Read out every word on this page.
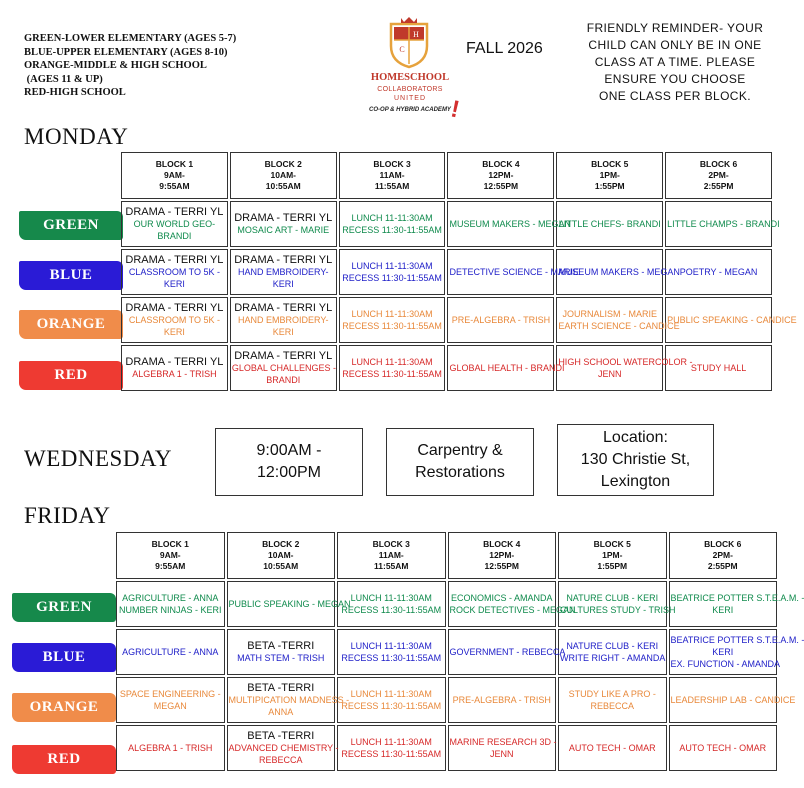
GREEN-LOWER ELEMENTARY (AGES 5-7)
BLUE-UPPER ELEMENTARY (AGES 8-10)
ORANGE-MIDDLE & HIGH SCHOOL
(AGES 11 & UP)
RED-HIGH SCHOOL
C
H
HOMESCHOOL
COLLABORATORS
UNITED
CO-OP & HYBRID ACADEMY
!
FALL 2026
FRIENDLY REMINDER- YOUR
CHILD CAN ONLY BE IN ONE
CLASS AT A TIME. PLEASE
ENSURE YOU CHOOSE
ONE CLASS PER BLOCK.
MONDAY
GREEN
BLUE
ORANGE
RED
BLOCK 1
9AM-
9:55AM	BLOCK 2
10AM-
10:55AM	BLOCK 3
11AM-
11:55AM	BLOCK 4
12PM-
12:55PM	BLOCK 5
1PM-
1:55PM	BLOCK 6
2PM-
2:55PM

DRAMA - TERRI YL
OUR WORLD GEO-
BRANDI	DRAMA - TERRI YL
MOSAIC ART - MARIE	LUNCH 11-11:30AM
RECESS 11:30-11:55AM	MUSEUM MAKERS - MEGAN	LITTLE CHEFS- BRANDI	LITTLE CHAMPS - BRANDI

DRAMA - TERRI YL
CLASSROOM TO 5K -
KERI	DRAMA - TERRI YL
HAND EMBROIDERY-
KERI	LUNCH 11-11:30AM
RECESS 11:30-11:55AM	DETECTIVE SCIENCE - MARIE	MUSEUM MAKERS - MEGAN	POETRY - MEGAN

DRAMA - TERRI YL
CLASSROOM TO 5K -
KERI	DRAMA - TERRI YL
HAND EMBROIDERY-
KERI	LUNCH 11-11:30AM
RECESS 11:30-11:55AM	PRE-ALGEBRA - TRISH	JOURNALISM - MARIE
EARTH SCIENCE - CANDICE	PUBLIC SPEAKING - CANDICE

DRAMA - TERRI YL
ALGEBRA 1 - TRISH	DRAMA - TERRI YL
GLOBAL CHALLENGES -
BRANDI	LUNCH 11-11:30AM
RECESS 11:30-11:55AM	GLOBAL HEALTH - BRANDI	HIGH SCHOOL WATERCOLOR -
JENN	STUDY HALL
WEDNESDAY	9:00AM -
12:00PM
Carpentry &
Restorations
Location:
130 Christie St,
Lexington
FRIDAY
GREEN
BLUE
ORANGE
RED
BLOCK 1
9AM-
9:55AM	BLOCK 2
10AM-
10:55AM	BLOCK 3
11AM-
11:55AM	BLOCK 4
12PM-
12:55PM	BLOCK 5
1PM-
1:55PM	BLOCK 6
2PM-
2:55PM

AGRICULTURE - ANNA
NUMBER NINJAS - KERI	PUBLIC SPEAKING - MEGAN	LUNCH 11-11:30AM
RECESS 11:30-11:55AM	ECONOMICS - AMANDA
ROCK DETECTIVES - MEGAN	NATURE CLUB - KERI
CULTURES STUDY - TRISH	BEATRICE POTTER S.T.E.A.M. -
KERI

AGRICULTURE - ANNA	BETA -TERRI
MATH STEM - TRISH	LUNCH 11-11:30AM
RECESS 11:30-11:55AM	GOVERNMENT - REBECCA	NATURE CLUB - KERI
WRITE RIGHT - AMANDA	BEATRICE POTTER S.T.E.A.M. -
KERI
EX. FUNCTION - AMANDA

SPACE ENGINEERING -
MEGAN	BETA -TERRI
MULTIPICATION MADNESS -
ANNA	LUNCH 11-11:30AM
RECESS 11:30-11:55AM	PRE-ALGEBRA - TRISH	STUDY LIKE A PRO -
REBECCA	LEADERSHIP LAB - CANDICE

ALGEBRA 1 - TRISH	BETA -TERRI
ADVANCED CHEMISTRY -
REBECCA	LUNCH 11-11:30AM
RECESS 11:30-11:55AM	MARINE RESEARCH 3D -
JENN	AUTO TECH - OMAR	AUTO TECH - OMAR
